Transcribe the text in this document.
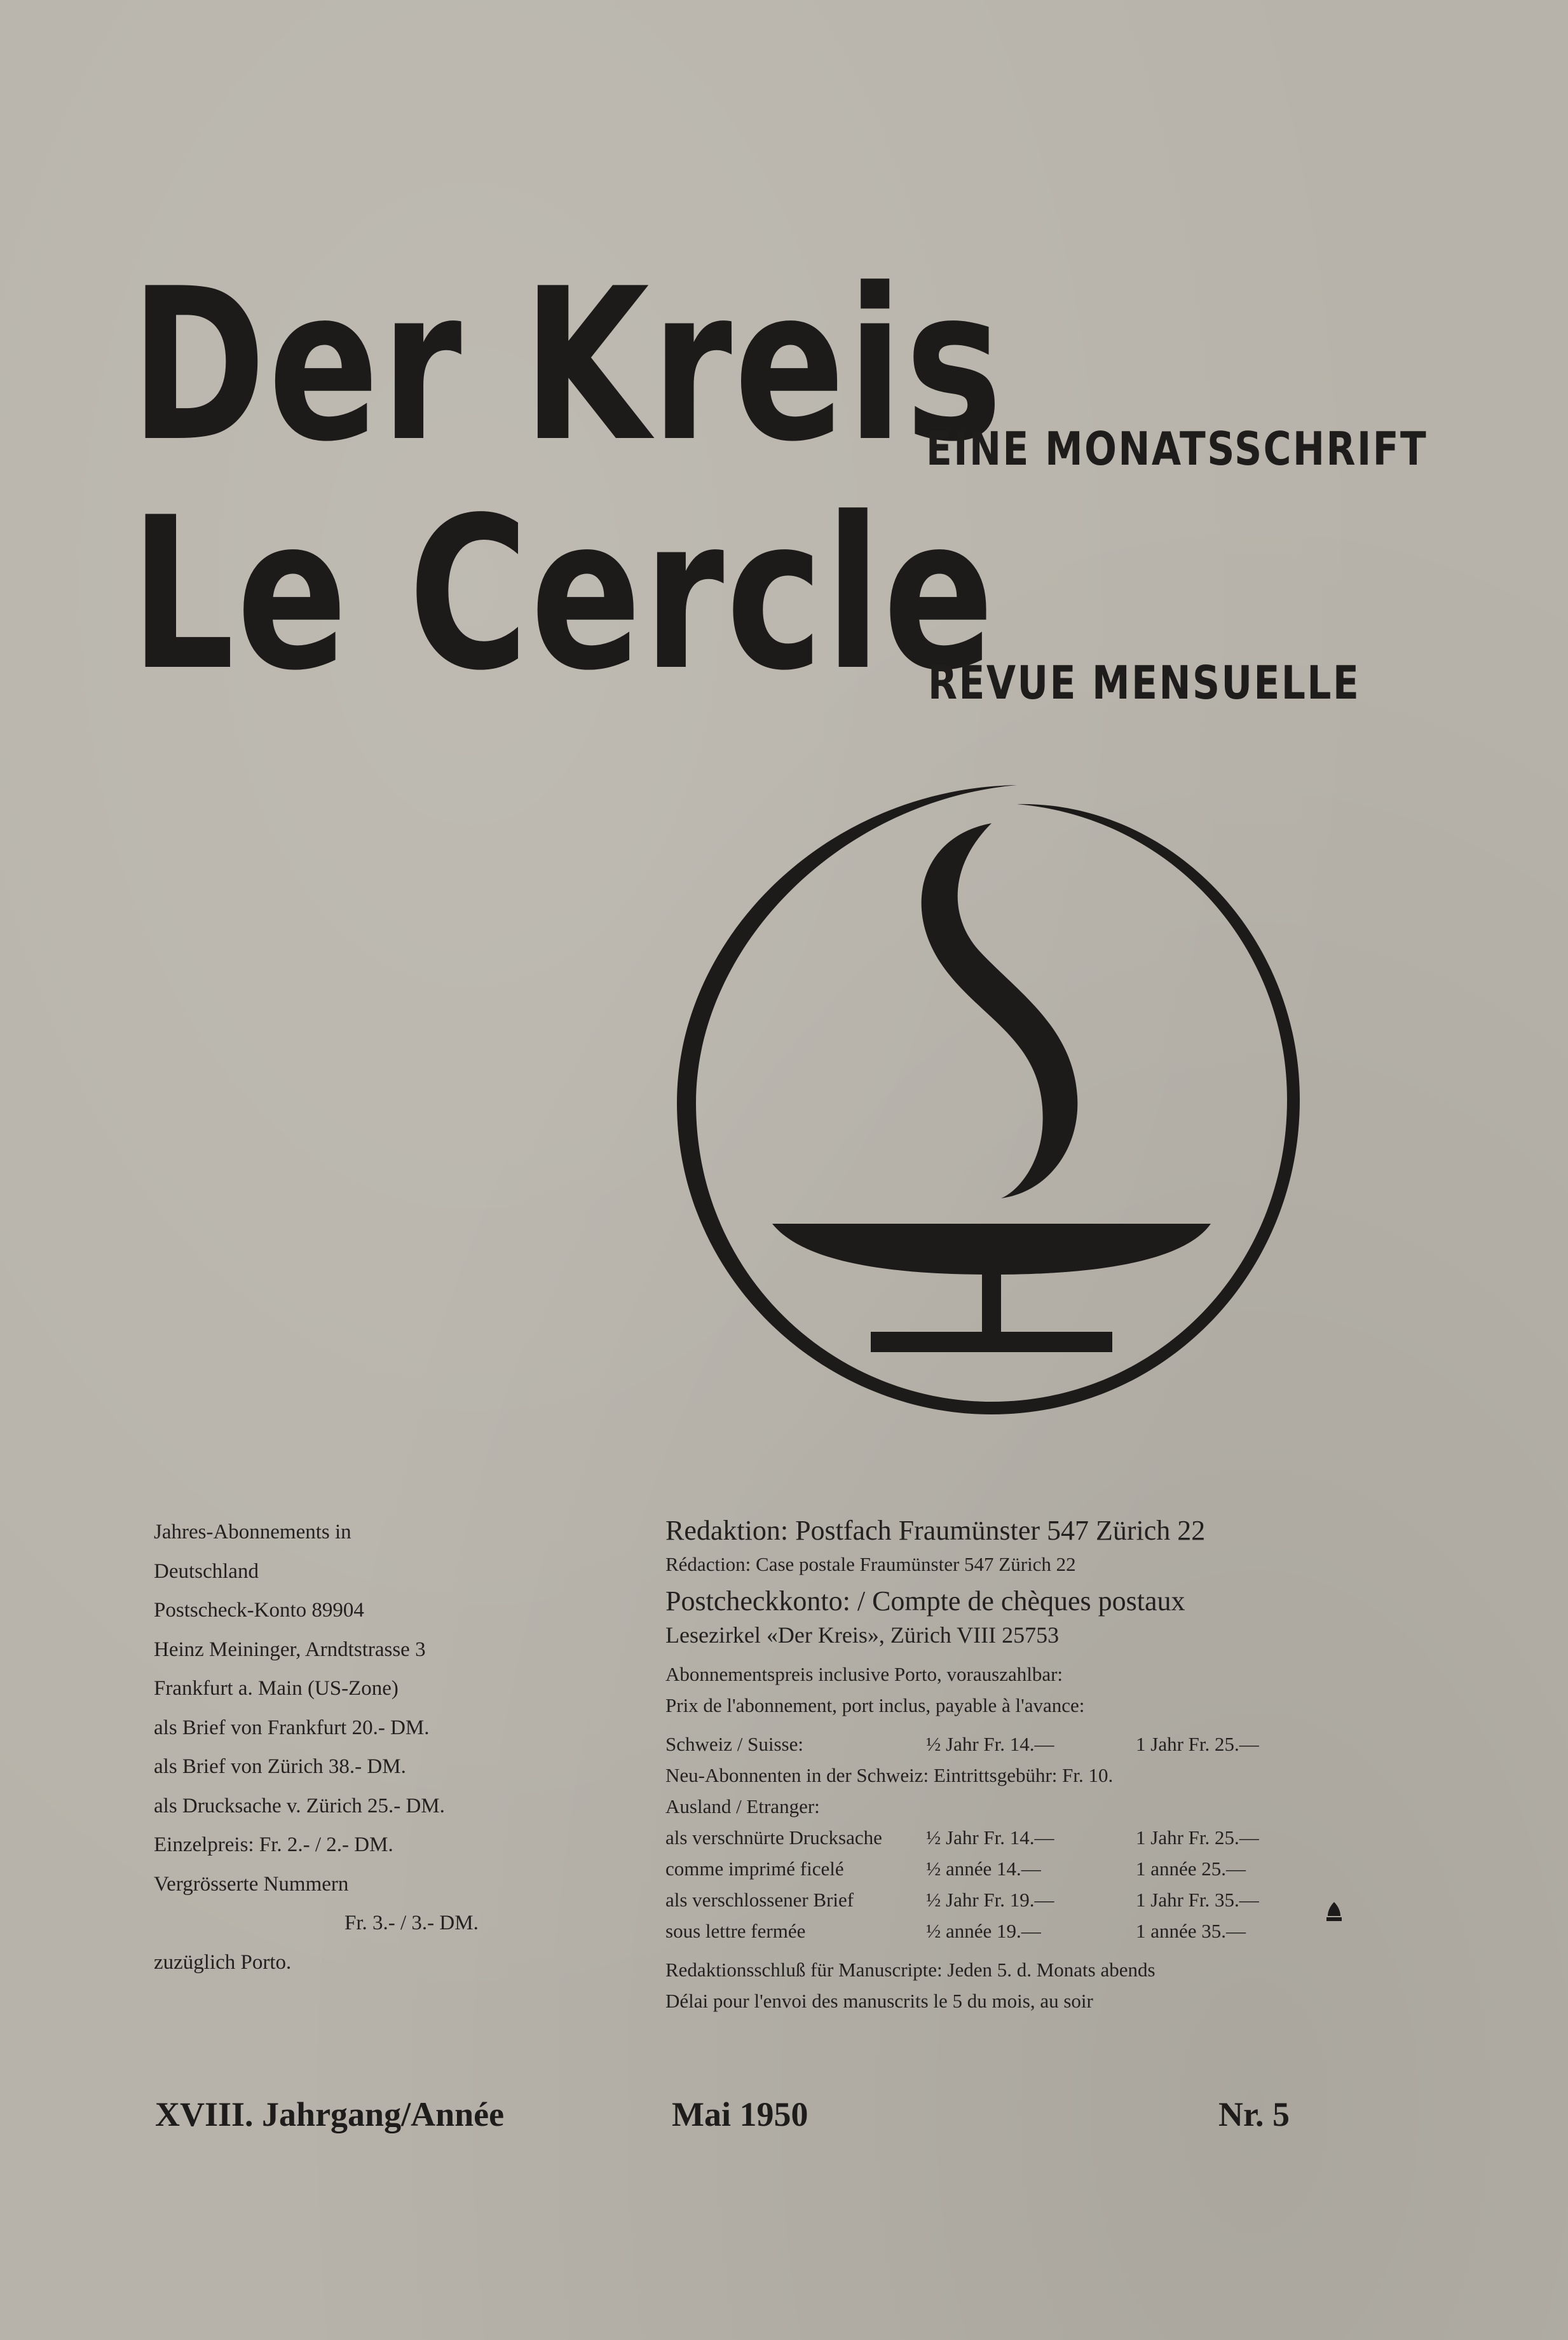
Der Kreis
EINE MONATSSCHRIFT
Le Cercle
REVUE MENSUELLE
Jahres-Abonnements in
Deutschland
Postscheck-Konto 89904
Heinz Meininger, Arndtstrasse 3
Frankfurt a. Main (US-Zone)
als Brief von Frankfurt 20.- DM.
als Brief von Zürich 38.- DM.
als Drucksache v. Zürich 25.- DM.
Einzelpreis: Fr. 2.- / 2.- DM.
Vergrösserte Nummern
Fr. 3.- / 3.- DM.
zuzüglich Porto.
Redaktion: Postfach Fraumünster 547 Zürich 22
Rédaction: Case postale Fraumünster 547 Zürich 22
Postcheckkonto: / Compte de chèques postaux
Lesezirkel «Der Kreis», Zürich VIII 25753
Abonnementspreis inclusive Porto, vorauszahlbar:
Prix de l'abonnement, port inclus, payable à l'avance:
Schweiz / Suisse:	½ Jahr Fr. 14.—	1 Jahr Fr. 25.—
Neu-Abonnenten in der Schweiz: Eintrittsgebühr: Fr. 10.
Ausland / Etranger:
als verschnürte Drucksache ½ Jahr Fr. 14.—	1 Jahr Fr. 25.—
comme imprimé ficelé	½ année 14.—	1 année 25.—
als verschlossener Brief	½ Jahr Fr. 19.—	1 Jahr Fr. 35.—
sous lettre fermée	½ année 19.—	1 année 35.—
Redaktionsschluß für Manuscripte: Jeden 5. d. Monats abends
Délai pour l'envoi des manuscrits le 5 du mois, au soir
XVIII. Jahrgang/Année	Mai 1950	Nr. 5
